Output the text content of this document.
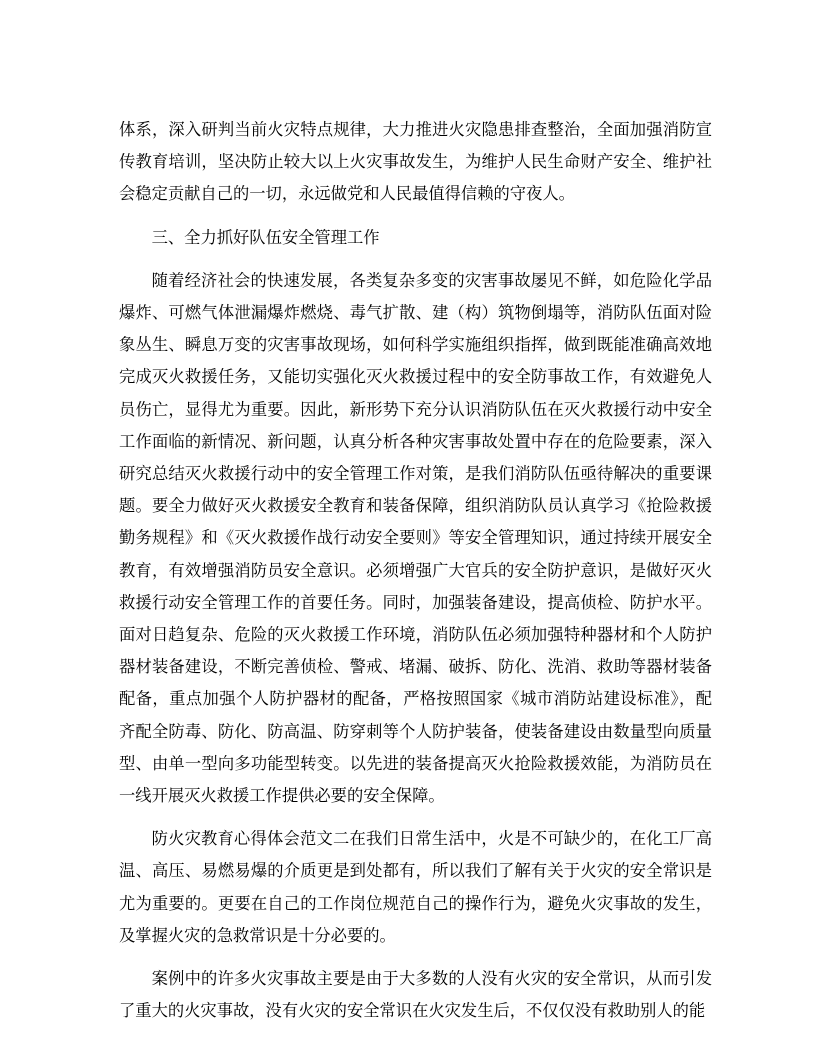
体系，深入研判当前火灾特点规律，大力推进火灾隐患排查整治，全面加强消防宣传教育培训，坚决防止较大以上火灾事故发生，为维护人民生命财产安全、维护社会稳定贡献自己的一切，永远做党和人民最值得信赖的守夜人。

三、全力抓好队伍安全管理工作

随着经济社会的快速发展，各类复杂多变的灾害事故屡见不鲜，如危险化学品爆炸、可燃气体泄漏爆炸燃烧、毒气扩散、建（构）筑物倒塌等，消防队伍面对险象丛生、瞬息万变的灾害事故现场，如何科学实施组织指挥，做到既能准确高效地完成灭火救援任务，又能切实强化灭火救援过程中的安全防事故工作，有效避免人员伤亡，显得尤为重要。因此，新形势下充分认识消防队伍在灭火救援行动中安全工作面临的新情况、新问题，认真分析各种灾害事故处置中存在的危险要素，深入研究总结灭火救援行动中的安全管理工作对策，是我们消防队伍亟待解决的重要课题。要全力做好灭火救援安全教育和装备保障，组织消防队员认真学习《抢险救援勤务规程》和《灭火救援作战行动安全要则》等安全管理知识，通过持续开展安全教育，有效增强消防员安全意识。必须增强广大官兵的安全防护意识，是做好灭火救援行动安全管理工作的首要任务。同时，加强装备建设，提高侦检、防护水平。面对日趋复杂、危险的灭火救援工作环境，消防队伍必须加强特种器材和个人防护器材装备建设，不断完善侦检、警戒、堵漏、破拆、防化、洗消、救助等器材装备配备，重点加强个人防护器材的配备，严格按照国家《城市消防站建设标准》，配齐配全防毒、防化、防高温、防穿刺等个人防护装备，使装备建设由数量型向质量型、由单一型向多功能型转变。以先进的装备提高灭火抢险救援效能，为消防员在一线开展灭火救援工作提供必要的安全保障。

防火灾教育心得体会范文二在我们日常生活中，火是不可缺少的，在化工厂高温、高压、易燃易爆的介质更是到处都有，所以我们了解有关于火灾的安全常识是尤为重要的。更要在自己的工作岗位规范自己的操作行为，避免火灾事故的发生，及掌握火灾的急救常识是十分必要的。

案例中的许多火灾事故主要是由于大多数的人没有火灾的安全常识，从而引发了重大的火灾事故，没有火灾的安全常识在火灾发生后，不仅仅没有救助别人的能
